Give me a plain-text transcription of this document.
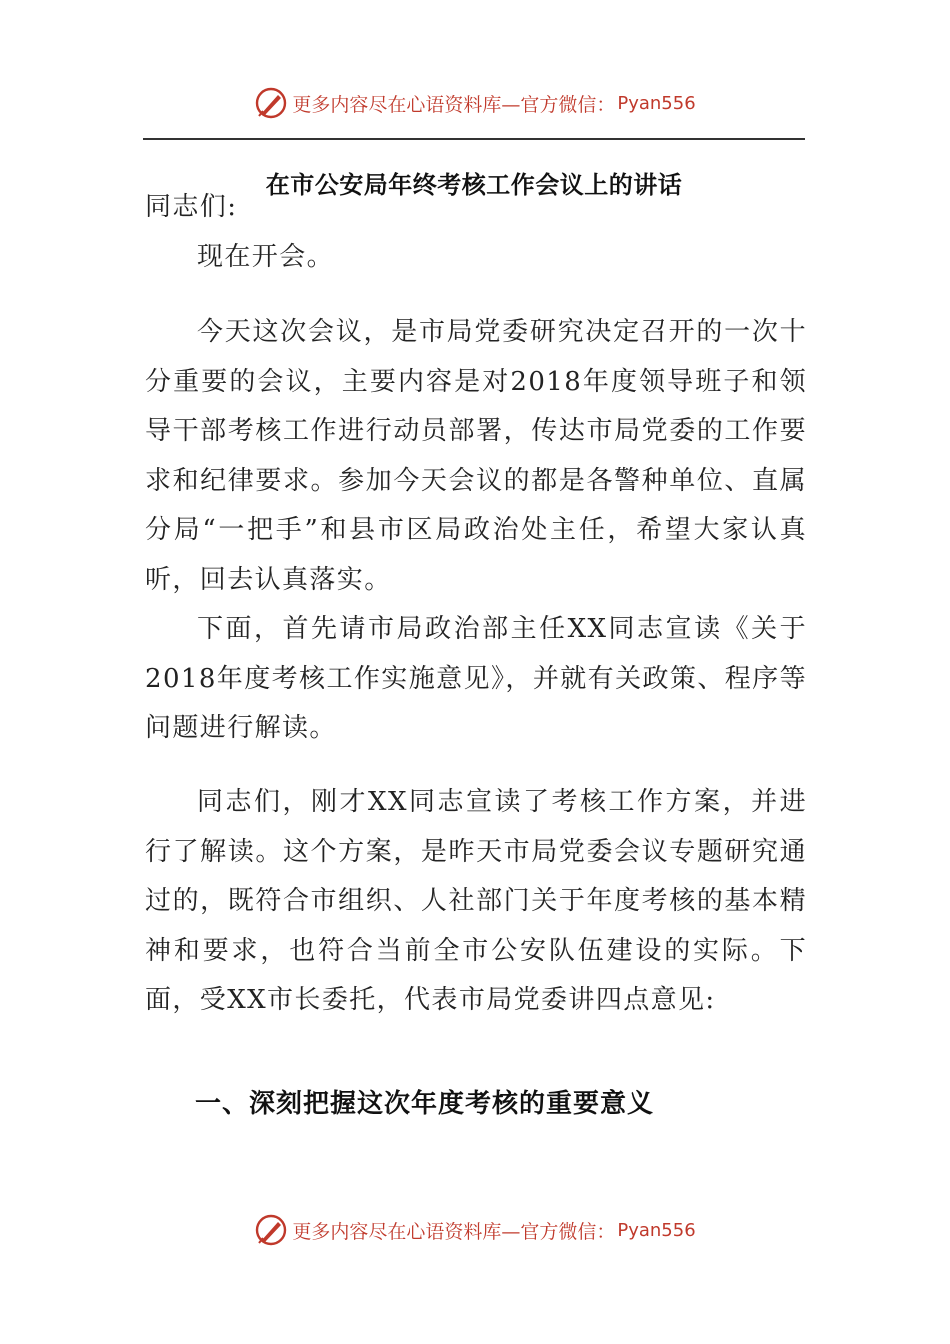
更多内容尽在心语资料库—官方微信： Pyan556
在市公安局年终考核工作会议上的讲话
同志们:
现在开会。
今天这次会议，是市局党委研究决定召开的一次十分重要的会议，主要内容是对2018年度领导班子和领导干部考核工作进行动员部署，传达市局党委的工作要求和纪律要求。参加今天会议的都是各警种单位、直属分局“一把手”和县市区局政治处主任，希望大家认真听，回去认真落实。
下面，首先请市局政治部主任XX同志宣读《关于2018年度考核工作实施意见》，并就有关政策、程序等问题进行解读。
同志们，刚才XX同志宣读了考核工作方案，并进行了解读。这个方案，是昨天市局党委会议专题研究通过的，既符合市组织、人社部门关于年度考核的基本精神和要求，也符合当前全市公安队伍建设的实际。下面，受XX市长委托，代表市局党委讲四点意见:
一、深刻把握这次年度考核的重要意义
更多内容尽在心语资料库—官方微信： Pyan556
